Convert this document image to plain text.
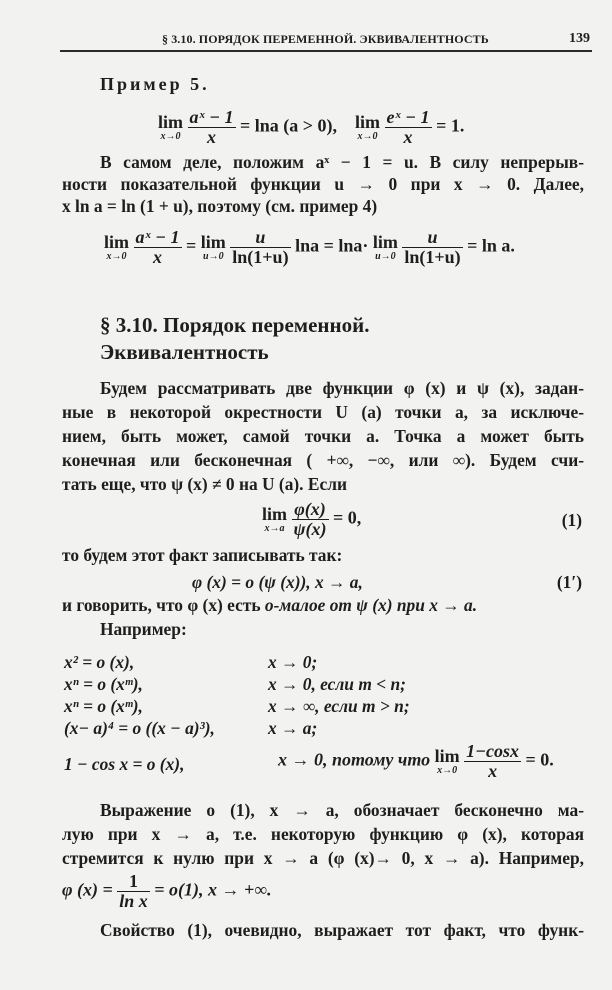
§ 3.10. ПОРЯДОК ПЕРЕМЕННОЙ. ЭКВИВАЛЕНТНОСТЬ	139
Пример 5.
lim
x→0
$\frac{\text{aˣ − 1}}{x} = \ln a$ (a > 0), lim
x→0
$\frac{\text{eˣ − 1}}{x} = 1$.
В самом деле, положим aˣ − 1 = u. В силу непрерыв-
ности показательной функции u → 0 при x → 0. Далее,
x ln a = ln (1 + u), поэтому (см. пример 4)
lim
x→0
$\frac{\text{aˣ − 1}}{x} = \lim$
u→0
$\frac{u}{\ln(1+u)}$ lna = lna· lim
u→0
$\frac{u}{\ln(1+u)} = \ln a$.
§ 3.10. Порядок переменной.
Эквивалентность
Будем рассматривать две функции φ (x) и ψ (x), задан-
ные в некоторой окрестности U (a) точки a, за исключе-
нием, быть может, самой точки a. Точка a может быть
конечная или бесконечная ( +∞, −∞, или ∞). Будем счи-
тать еще, что ψ (x) ≠ 0 на U (a). Если
lim
x→a
$\frac{\varphi(x)}{\psi(x)} = 0$,	(1)
то будем этот факт записывать так:
φ (x) = o (ψ (x)), x → a,	(1′)
и говорить, что φ (x) есть o-малое от ψ (x) при x → a.
Например:
x² = o (x),	x → 0;
xⁿ = o (xᵐ),	x → 0, если m < n;
xⁿ = o (xᵐ),	x → ∞, если m > n;
(x− a)⁴ = o ((x − a)³),	x → a;
1 − cos x = o (x),	x → 0, потому что lim
x→0
$\frac{1-\cos x}{x} = 0$.
Выражение o (1), x → a, обозначает бесконечно ма-
лую при x → a, т.е. некоторую функцию φ (x), которая
стремится к нулю при x → a (φ (x)→ 0, x → a). Например,
φ $(x) = \frac{1}{\text{ln x}} = o(1)$, x → +∞.
Свойство (1), очевидно, выражает тот факт, что функ-
